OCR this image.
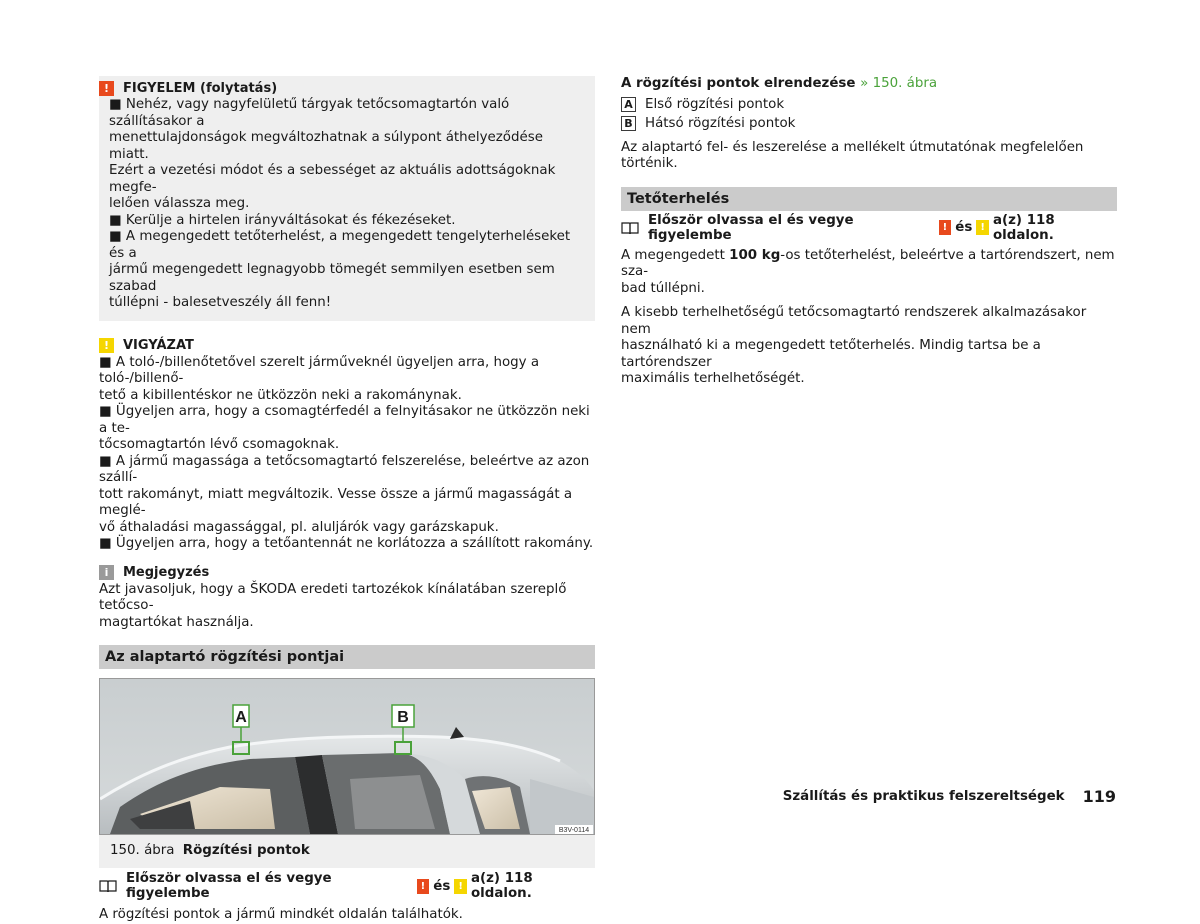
!	FIGYELEM (folytatás)

■ Nehéz, vagy nagyfelületű tárgyak tetőcsomagtartón való szállításakor a

menettulajdonságok megváltozhatnak a súlypont áthelyeződése miatt.

Ezért a vezetési módot és a sebességet az aktuális adottságoknak megfe-

lelően válassza meg.

■ Kerülje a hirtelen irányváltásokat és fékezéseket.

■ A megengedett tetőterhelést, a megengedett tengelyterheléseket és a

jármű megengedett legnagyobb tömegét semmilyen esetben sem szabad

túllépni - balesetveszély áll fenn!

!	VIGYÁZAT

■ A toló-/billenőtetővel szerelt járműveknél ügyeljen arra, hogy a toló-/billenő-

tető a kibillentéskor ne ütközzön neki a rakománynak.

■ Ügyeljen arra, hogy a csomagtérfedél a felnyitásakor ne ütközzön neki a te-

tőcsomagtartón lévő csomagoknak.

■ A jármű magassága a tetőcsomagtartó felszerelése, beleértve az azon szállí-

tott rakományt, miatt megváltozik. Vesse össze a jármű magasságát a meglé-

vő áthaladási magassággal, pl. aluljárók vagy garázskapuk.

■ Ügyeljen arra, hogy a tetőantennát ne korlátozza a szállított rakomány.

i	Megjegyzés

Azt javasoljuk, hogy a ŠKODA eredeti tartozékok kínálatában szereplő tetőcso-

magtartókat használja.

Az alaptartó rögzítési pontjai
A	B
B3V-0114
150. ábra Rögzítési pontok
Először olvassa el és vegye figyelembe	! és ! a(z) 118 oldalon.

A rögzítési pontok a jármű mindkét oldalán találhatók.

A rögzítési pontok elrendezése » 150. ábra

A Első rögzítési pontok
B Hátsó rögzítési pontok

Az alaptartó fel- és leszerelése a mellékelt útmutatónak megfelelően történik.

Tetőterhelés
Először olvassa el és vegye figyelembe	! és ! a(z) 118 oldalon.

A megengedett 100 kg-os tetőterhelést, beleértve a tartórendszert, nem sza-
bad túllépni.

A kisebb terhelhetőségű tetőcsomagtartó rendszerek alkalmazásakor nem
használható ki a megengedett tetőterhelés. Mindig tartsa be a tartórendszer
maximális terhelhetőségét.
Szállítás és praktikus felszereltségek 119
